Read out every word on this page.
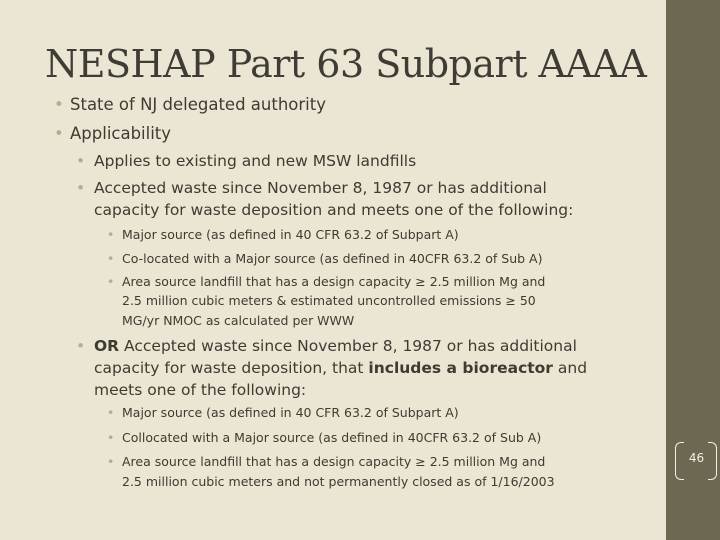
NESHAP Part 63 Subpart AAAA
• State of NJ delegated authority
• Applicability
• Applies to existing and new MSW landfills
• Accepted waste since November 8, 1987 or has additional
capacity for waste deposition and meets one of the following:
• Major source (as defined in 40 CFR 63.2 of Subpart A)
• Co-located with a Major source (as defined in 40CFR 63.2 of Sub A)
• Area source landfill that has a design capacity ≥ 2.5 million Mg and
2.5 million cubic meters & estimated uncontrolled emissions ≥ 50
MG/yr NMOC as calculated per WWW
• OR Accepted waste since November 8, 1987 or has additional
capacity for waste deposition, that includes a bioreactor and
meets one of the following:
• Major source (as defined in 40 CFR 63.2 of Subpart A)
• Collocated with a Major source (as defined in 40CFR 63.2 of Sub A)
• Area source landfill that has a design capacity ≥ 2.5 million Mg and
2.5 million cubic meters and not permanently closed as of 1/16/2003
46
